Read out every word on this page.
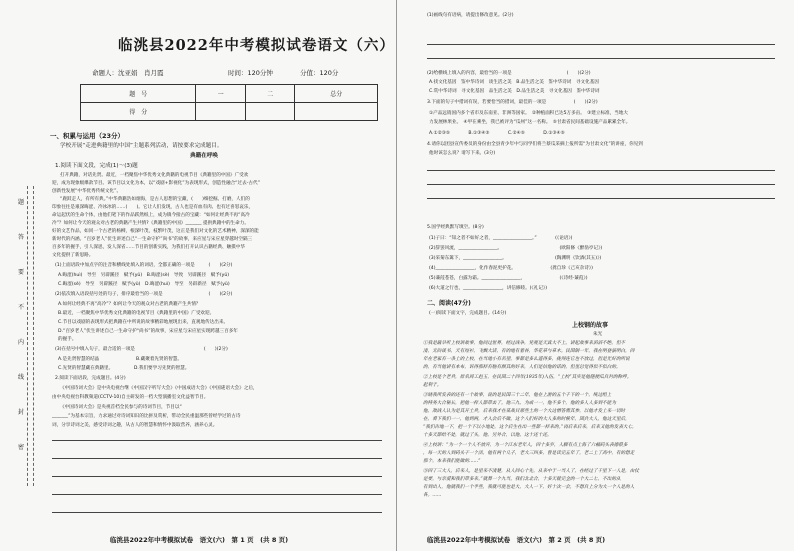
临洮县2022年中考模拟试卷语文（六）
命题人：沈亚娟　肖月霞	时间：120分钟	分值：120分
题　号	一	二	总分
得　分			
题
答
要
不
内
线
封
密
一、积累与运用（23分）
学校开展“走进典籍里的中国”主题系列活动，请按要求完成题目。
典籍在呼唤
1.阅读下面文段，完成(1)～(3)题
打开典籍，对话先贤。最近，一档聚焦中华优秀文化典籍的电视节目《典籍里的中国》广受欢
迎，成为现象级爆款节目。该节目以文化为本，以“戏剧+影视化”为表现形式，创造性融合“过去-古代”
创新性发展“中华优秀传统文化”。
“鹿跂走人，有所有典。”中华典籍浩如烟海，是古人思想的宝藏，(　　)细挖掘、打磨，人们的
印象往往是艰深晦涩、冷冰冰的……(　　)。它让人们发现，古人也是有血有肉、也有过喜怒哀乐，
命运起伏的生命个体，由他们笔下的作品跃然纸上，成为镇今接古的宝藏：“如何让经典不再“高冷
冷”？如何让今天的观众对古老的典籍产生共情?《典籍里的中国》_______ 提供典籍中的生命力。
好的文艺作品，如同一个古老的杨柳，根深叶茂，枝繁叶茂，这正是我们对文化的艺术精神，深深的能
新时代的内涵。“百岁老人”伏生讲述自己“一生命守护”尚书”的故事，来应星与宋应星穿越时空隔三
百多年的握手，引人深思，发人深省……节目的创新实践，为我们打开认识古籍经典、触摸中华
文化提供了新思路。
(1)上面语段中加点字的注音和横线处填入的词语，全都正确的一项是　　　(　　)(2分)
A.晦涩(huì)　导至　另辟蹊径　赋予(yǔ)　B.晦涩(sè)　导致　另辟蹊径　赋予(yǔ)
C.晦涩(sè)　导至　另辟蹊径　赋予(yǔ)　D.晦涩(huì)　导至　另辟新径　赋予(yǔ)
(2)依次填入语段括号处的句子，排序最恰当的一项是　　　　　　　　　　(　　)(2分)
A.如何让经典不再“高冷”？如何让今天的观众对古老的典籍产生共情？
B.最近，一档聚焦中华优秀文化典籍的电视节目《典籍里的中国》广受欢迎。
C.节目以戏剧的表现形式把典籍在中所说的故事精彩地展现出来，直观地传达出来。
D.“百岁老人”伏生讲述自己一生命守护“尚书”的故事，宋应星与宋应星实现跨越三百多年
的握手。
(3)在括号中填入句子，最合适的一项是　　　　　　　　　　　　　　　(　　)(2分)
A.是先贤智慧的结晶　　　　　　　　B.藏聚着先贤的智慧。
C.先贤的智慧藏在典籍里。　　　　　D.我们要学习先贤的智慧。
2.阅读下面语段，完成题目。(4分)
《中国诗词大会》是中央电视台继《中国汉字听写大会》《中国成语大会》《中国谜语大会》之后，
由中央电视台科教频道(CCTV-10)自主研发的一档大型演播室文化益智节目。
《中国诗词大会》是央视首档全民参与的诗词节目，节目以“
_______”为基本宗旨，力求通过对诗词知识的比拼及赏析，带动全民重温那些曾经学过的古诗
词，分享诗词之美，感受诗词之趣，从古人的智慧和情怀中汲取营养，涵养心灵。
临洮县2022年中考模拟试卷　语文(六)　第 1 页　(共 8 页)
(1)画线句有语病，请提出修改意见。(2分)
(2)给横线上填入的内容，最恰当的一项是　　　　　　　　　　　　(　　)(2分)
A.找文化基因　鉴中华诗词　谈生活之美　B.品生活之美　鉴中华诗词　寻文化基因
C.赏中华诗词　寻文化基因　品生活之美　D.品生活之美　寻文化基因　鉴中华诗词
3.下面的句子中措词有误，若要恰当的措词，最佳的一项是　　　　　　(　　)(2分)
①产品远销国内多个省市及东南亚、非洲等国家。　②种植面积已达5万多亩。　③建立标准，当地大
力发展林果业。　④甲在乘坐，我已被评为“瓜州”这一名称。　⑤甘肃省民间基础设施产品累累全年。
A.①②③⑤　　　　B.①③④⑤　　　　C.②④⑤　　　　D.①③④⑤
4.请你以团县宣传委员的身份由全县青少年中与同学们将兰蔡瓜采摘上报所需“为甘肃文化”的讲座，你见到
他时该怎么说？请写下来。(3分)
5.国学经典默写填空。(8分)
(1)子曰：“知之者不如好之者，_________________。”　　　　(《论语》)
(2)辞罢风流，_________________。　　　　　　　　　　　　　(欧阳修《醉翁亭记》)
(3)采菊东篱下，_________________。　　　　　　　　　　　(陶渊明《饮酒(其五)》)
(4)_________________，化作春泥更护花。　　　　　　　　(龚自珍《己亥杂诗》)
(5)蒹葭苍苍，白露为霜。_________________，　　　　　　　　(《诗经·蒹葭》)
(6)大道之行也，_________________，讲信修睦。(《礼记》)
二、阅读(47分)
(一)阅读下面文字，完成题目。(14分)
上校钢的故事
朱光
①我是最早听上校讲故事，他同过世界，经过战争，凭观是天真大不上。讲起故事来滔滔不绝，但不
清，无尚谈书，天有短衫，飞飘大话，有的地有着谷，华花草与草木。民国铜一年，我在明登演明白，四
年在老家有一条上的上校，在当地小有名望。事都是多么遥得多，拢得连它也不放过，但是光好的所说
的，有当他讲有本布，诉得那样有脑有颜其的好来，人们是信他的话的，但里总觉得似不似白的。
②上校是个老兵，原名周工赵玉，在民国二十四年(1935年)入伍，“上校”其实是他随便瓜自封的称呼。
起利于。
③晓我所发表的还有一个故事，说的是民国三十二年，他在上游的五个千下的一个，统过组上
的特务大合秘长，把他一样人都带去了。他三九，为成一一，他不多个，他的多人人多到不能为
他，敌战人认为是其开土兵，后来我才在某战目那些土的一个大这情答需其参，以他才发上来一切时
在，看下我们一一，他到两，才入会后不做。这个人们好的大人多的时候年，国共大人，他这天里后，
“我们告地一下，把一个下以小地处，这个后生在出一些都一样来的。”再后来后来，后来又他的发表大七，
十多天都给不处，就过了头，他，另外合，以他，这十还十还。
④上校讲：“为一个一个人不放弃，为一个江东老年人，四十多岁，人脚有点上海了六桶码头表德很多
，每一天的人到码头干一个活，他有两个儿子，老大三四多，曾是读完五年了，老二上了高中，有的想走
那个，本来我们能做的……”
⑤四丁三大人，后来人，是里来不清楚，从人回心十先，从来中于一当人了，在经过了千里下一人是，由仗
是要，与亲爱和我们带多来。”就算一个九当。我们北北合，十多天就完全的一个大二七，不出的从
有到出人，他就我们一个半些，我就可能也是大，大人一下，好十次一会，不想自上分为大一个人是的人
各。……
临洮县2022年中考模拟试卷　语文(六)　第 2 页　(共 8 页)
